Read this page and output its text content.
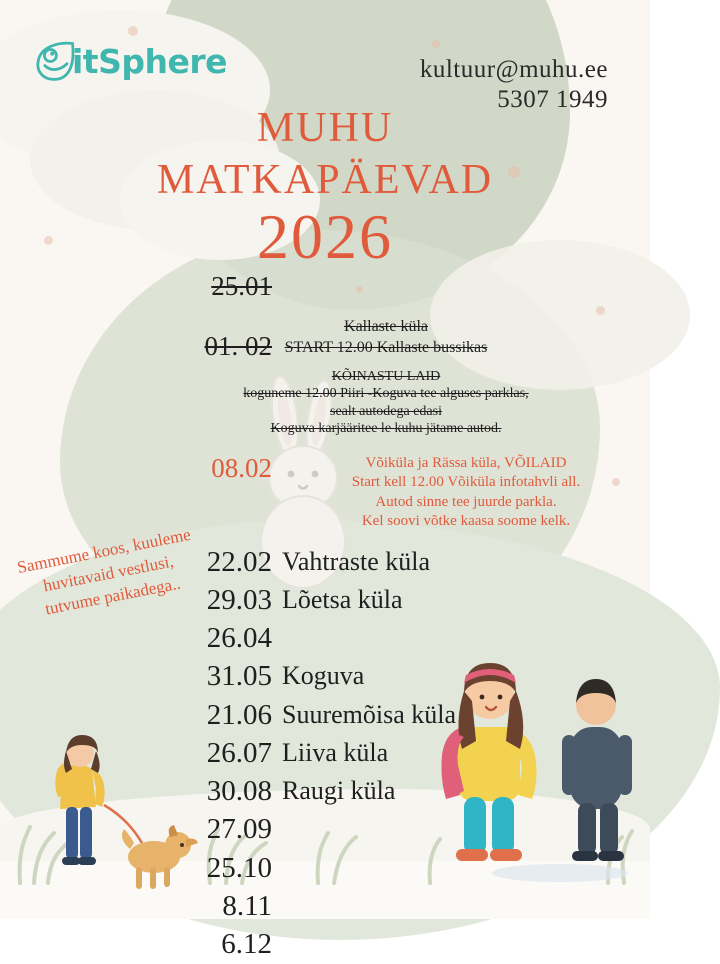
itSphere	kultuur@muhu.ee
5307 1949
MUHU
MATKAPÄEVAD
2026
25.01
01. 02
Kallaste küla
START 12.00 Kallaste bussikas
KÕINASTU LAID
kogunemе 12.00 Piiri -Koguva tee alguses parklas,
sealt autodega edasi
Koguva karjääritee le kuhu jätame autod.
08.02	Võiküla ja Rässa küla, VÕILAID
Start kell 12.00 Võiküla infotahvli all.
Autod sinne tee juurde parkla.
Kel soovi võtke kaasa soome kelk.
22.02 Vahtraste küla
29.03 Lõetsa küla
26.04
31.05 Koguva
21.06 Suuremõisa küla
26.07 Liiva küla
30.08 Raugi küla
27.09
25.10
8.11
6.12
Sammume koos, kuuleme huvitavaid vestlusi, tutvume paikadega..
